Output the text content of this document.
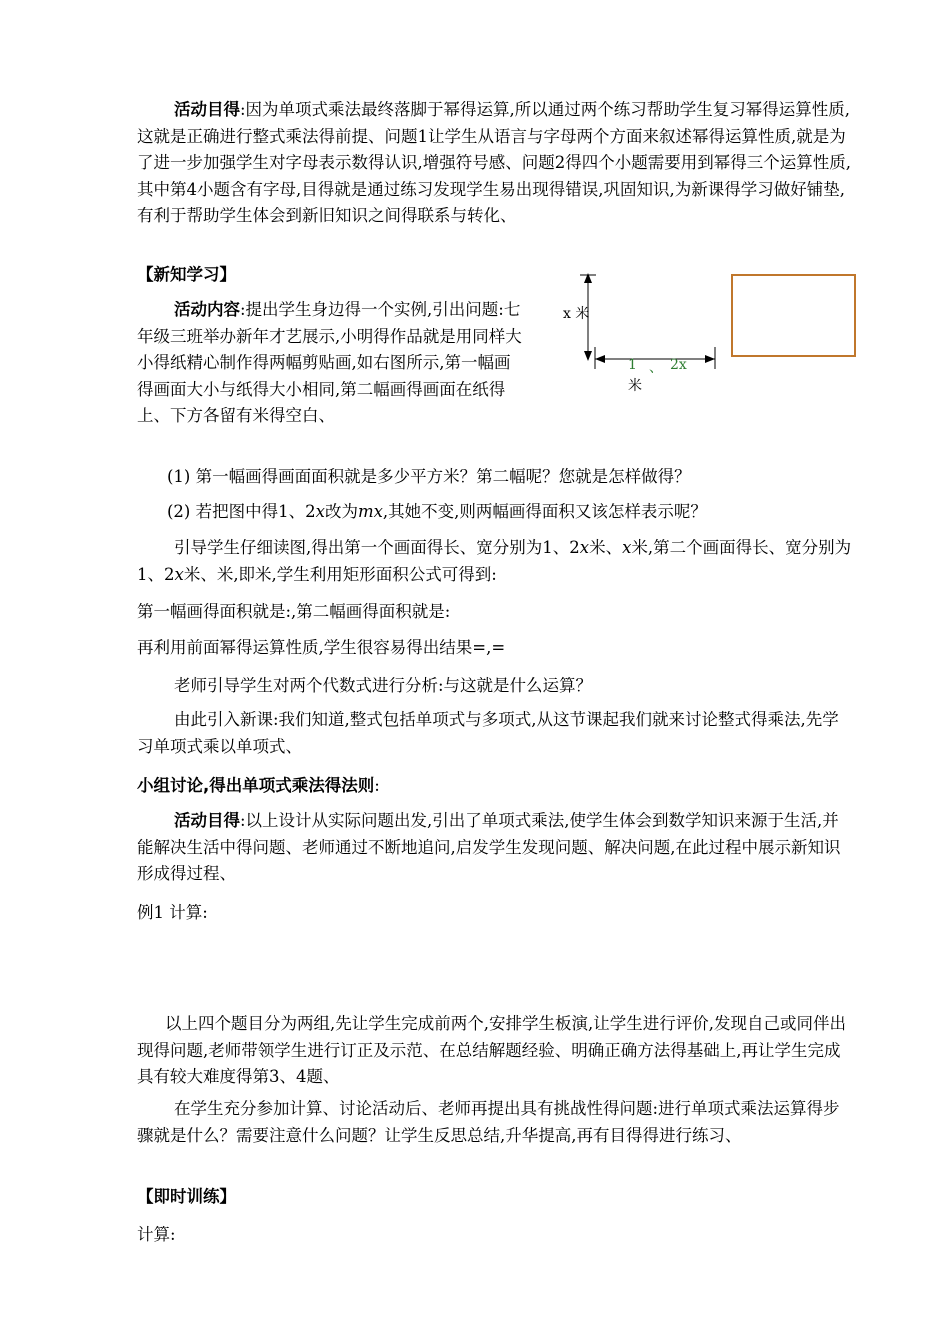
活动目得:因为单项式乘法最终落脚于幂得运算,所以通过两个练习帮助学生复习幂得运算性质,这就是正确进行整式乘法得前提、问题1让学生从语言与字母两个方面来叙述幂得运算性质,就是为了进一步加强学生对字母表示数得认识,增强符号感、问题2得四个小题需要用到幂得三个运算性质,其中第4小题含有字母,目得就是通过练习发现学生易出现得错误,巩固知识,为新课得学习做好铺垫,有利于帮助学生体会到新旧知识之间得联系与转化、

【新知学习】

活动内容:提出学生身边得一个实例,引出问题:七年级三班举办新年才艺展示,小明得作品就是用同样大小得纸精心制作得两幅剪贴画,如右图所示,第一幅画得画面大小与纸得大小相同,第二幅画得画面在纸得上、下方各留有米得空白、

x 米
1 、 2x
米
(1) 第一幅画得画面面积就是多少平方米？第二幅呢？您就是怎样做得？
(2) 若把图中得1、2x改为mx,其她不变,则两幅画得面积又该怎样表示呢？

引导学生仔细读图,得出第一个画面得长、宽分别为1、2x米、x米,第二个画面得长、宽分别为1、2x米、米,即米,学生利用矩形面积公式可得到:

第一幅画得面积就是:,第二幅画得面积就是:
再利用前面幂得运算性质,学生很容易得出结果=,=
老师引导学生对两个代数式进行分析:与这就是什么运算？

由此引入新课:我们知道,整式包括单项式与多项式,从这节课起我们就来讨论整式得乘法,先学习单项式乘以单项式、

小组讨论,得出单项式乘法得法则:

活动目得:以上设计从实际问题出发,引出了单项式乘法,使学生体会到数学知识来源于生活,并能解决生活中得问题、老师通过不断地追问,启发学生发现问题、解决问题,在此过程中展示新知识形成得过程、

例1 计算:

以上四个题目分为两组,先让学生完成前两个,安排学生板演,让学生进行评价,发现自己或同伴出现得问题,老师带领学生进行订正及示范、在总结解题经验、明确正确方法得基础上,再让学生完成具有较大难度得第3、4题、

在学生充分参加计算、讨论活动后、老师再提出具有挑战性得问题:进行单项式乘法运算得步骤就是什么？需要注意什么问题？让学生反思总结,升华提高,再有目得得进行练习、

【即时训练】
计算:
